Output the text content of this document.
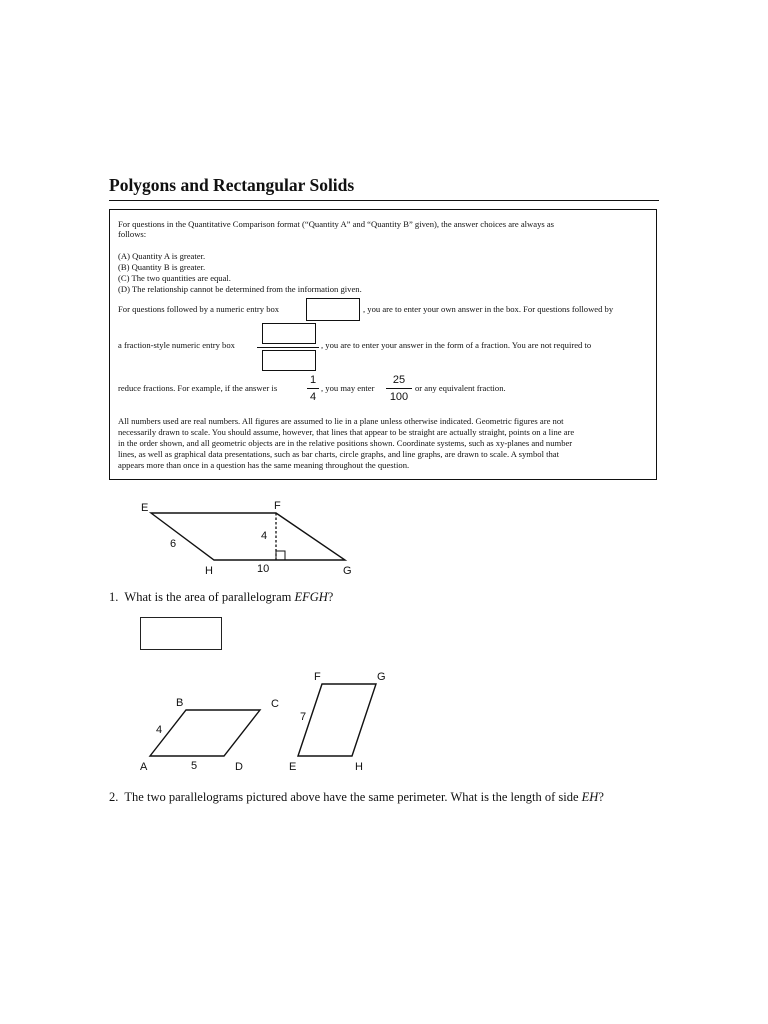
Polygons and Rectangular Solids
For questions in the Quantitative Comparison format (“Quantity A” and “Quantity B” given), the answer choices are always as
follows:
(A) Quantity A is greater.
(B) Quantity B is greater.
(C) The two quantities are equal.
(D) The relationship cannot be determined from the information given.
For questions followed by a numeric entry box	, you are to enter your own answer in the box. For questions followed by
a fraction-style numeric entry box	, you are to enter your answer in the form of a fraction. You are not required to
reduce fractions. For example, if the answer is
1
4
, you may enter
25
100
or any equivalent fraction.
All numbers used are real numbers. All figures are assumed to lie in a plane unless otherwise indicated. Geometric figures are not
necessarily drawn to scale. You should assume, however, that lines that appear to be straight are actually straight, points on a line are
in the order shown, and all geometric objects are in the relative positions shown. Coordinate systems, such as xy-planes and number
lines, as well as graphical data presentations, such as bar charts, circle graphs, and line graphs, are drawn to scale. A symbol that
appears more than once in a question has the same meaning throughout the question.
E	F
G
H
6
4
10
1. What is the area of parallelogram EFGH?
A
B	C
D
4
5	E
F	G
H
7
2. The two parallelograms pictured above have the same perimeter. What is the length of side EH?
